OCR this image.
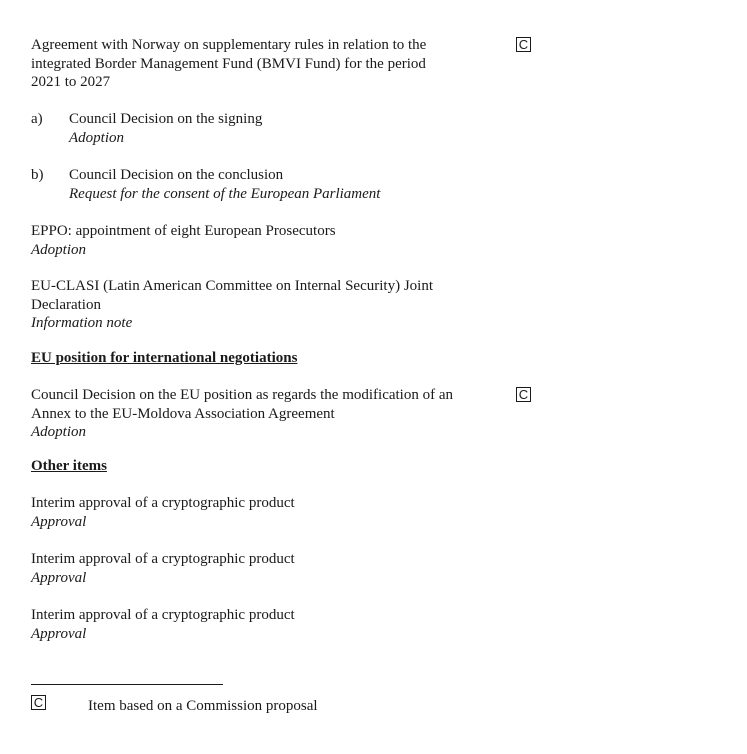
Agreement with Norway on supplementary rules in relation to the
integrated Border Management Fund (BMVI Fund) for the period
2021 to 2027
C
a) Council Decision on the signing
Adoption
b) Council Decision on the conclusion
Request for the consent of the European Parliament
EPPO: appointment of eight European Prosecutors
Adoption
EU-CLASI (Latin American Committee on Internal Security) Joint
Declaration
Information note
EU position for international negotiations
Council Decision on the EU position as regards the modification of an
Annex to the EU-Moldova Association Agreement
Adoption
C
Other items
Interim approval of a cryptographic product
Approval
Interim approval of a cryptographic product
Approval
Interim approval of a cryptographic product
Approval
C	Item based on a Commission proposal
